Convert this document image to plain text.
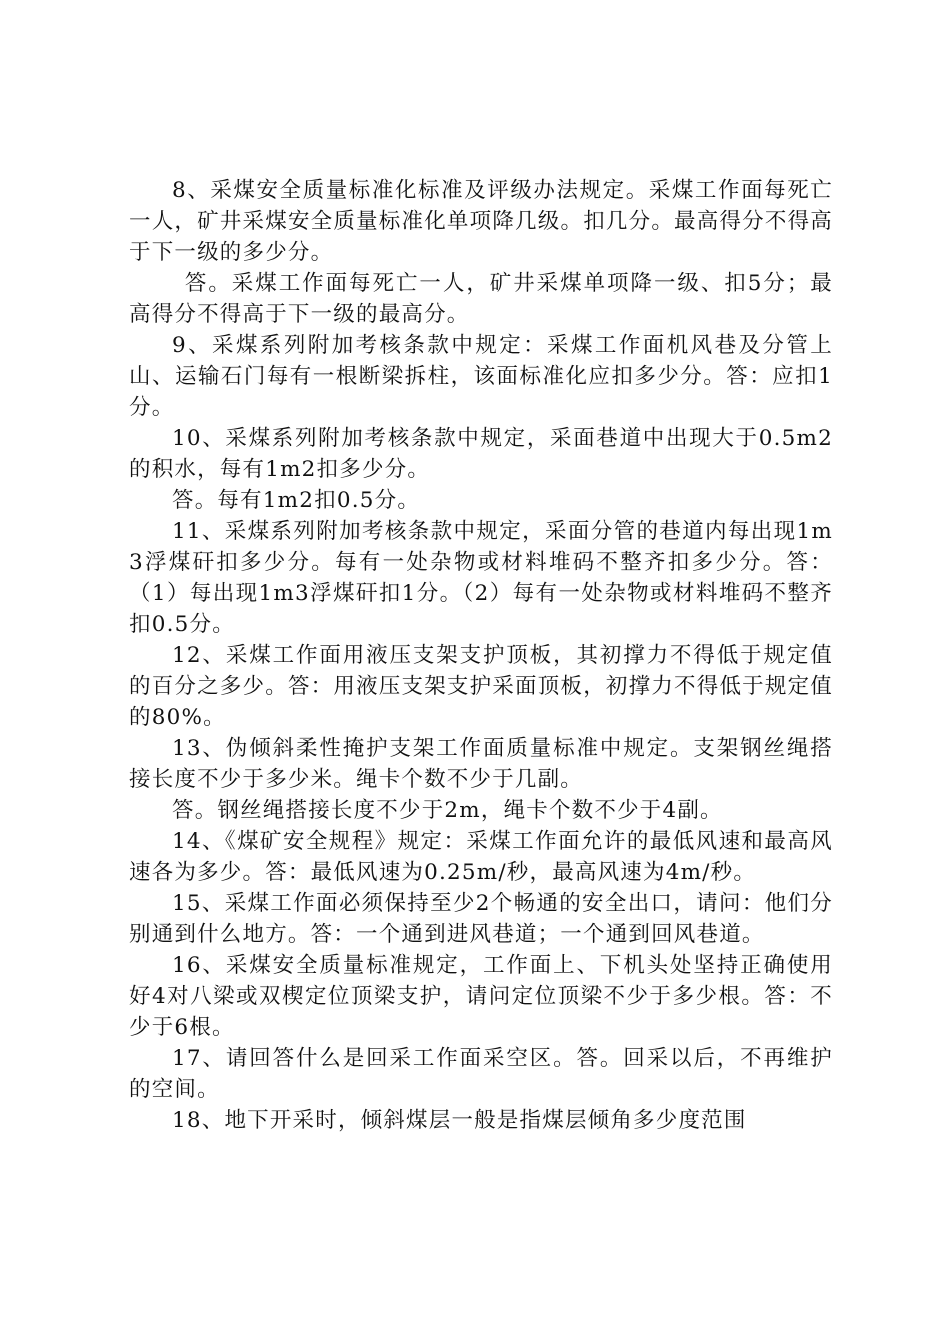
8、采煤安全质量标准化标准及评级办法规定。采煤工作面每死亡一人，矿井采煤安全质量标准化单项降几级。扣几分。最高得分不得高于下一级的多少分。

答。采煤工作面每死亡一人，矿井采煤单项降一级、扣5分；最高得分不得高于下一级的最高分。

9、采煤系列附加考核条款中规定：采煤工作面机风巷及分管上山、运输石门每有一根断梁拆柱，该面标准化应扣多少分。答：应扣1分。

10、采煤系列附加考核条款中规定，采面巷道中出现大于0.5m2的积水，每有1m2扣多少分。

答。每有1m2扣0.5分。

11、采煤系列附加考核条款中规定，采面分管的巷道内每出现1m3浮煤矸扣多少分。每有一处杂物或材料堆码不整齐扣多少分。答：（1）每出现1m3浮煤矸扣1分。（2）每有一处杂物或材料堆码不整齐扣0.5分。

12、采煤工作面用液压支架支护顶板，其初撑力不得低于规定值的百分之多少。答：用液压支架支护采面顶板，初撑力不得低于规定值的80%。

13、伪倾斜柔性掩护支架工作面质量标准中规定。支架钢丝绳搭接长度不少于多少米。绳卡个数不少于几副。

答。钢丝绳搭接长度不少于2m，绳卡个数不少于4副。

14、《煤矿安全规程》规定：采煤工作面允许的最低风速和最高风速各为多少。答：最低风速为0.25m/秒，最高风速为4m/秒。

15、采煤工作面必须保持至少2个畅通的安全出口，请问：他们分别通到什么地方。答：一个通到进风巷道；一个通到回风巷道。

16、采煤安全质量标准规定，工作面上、下机头处坚持正确使用好4对八梁或双楔定位顶梁支护，请问定位顶梁不少于多少根。答：不少于6根。

17、请回答什么是回采工作面采空区。答。回采以后，不再维护的空间。

18、地下开采时，倾斜煤层一般是指煤层倾角多少度范围
